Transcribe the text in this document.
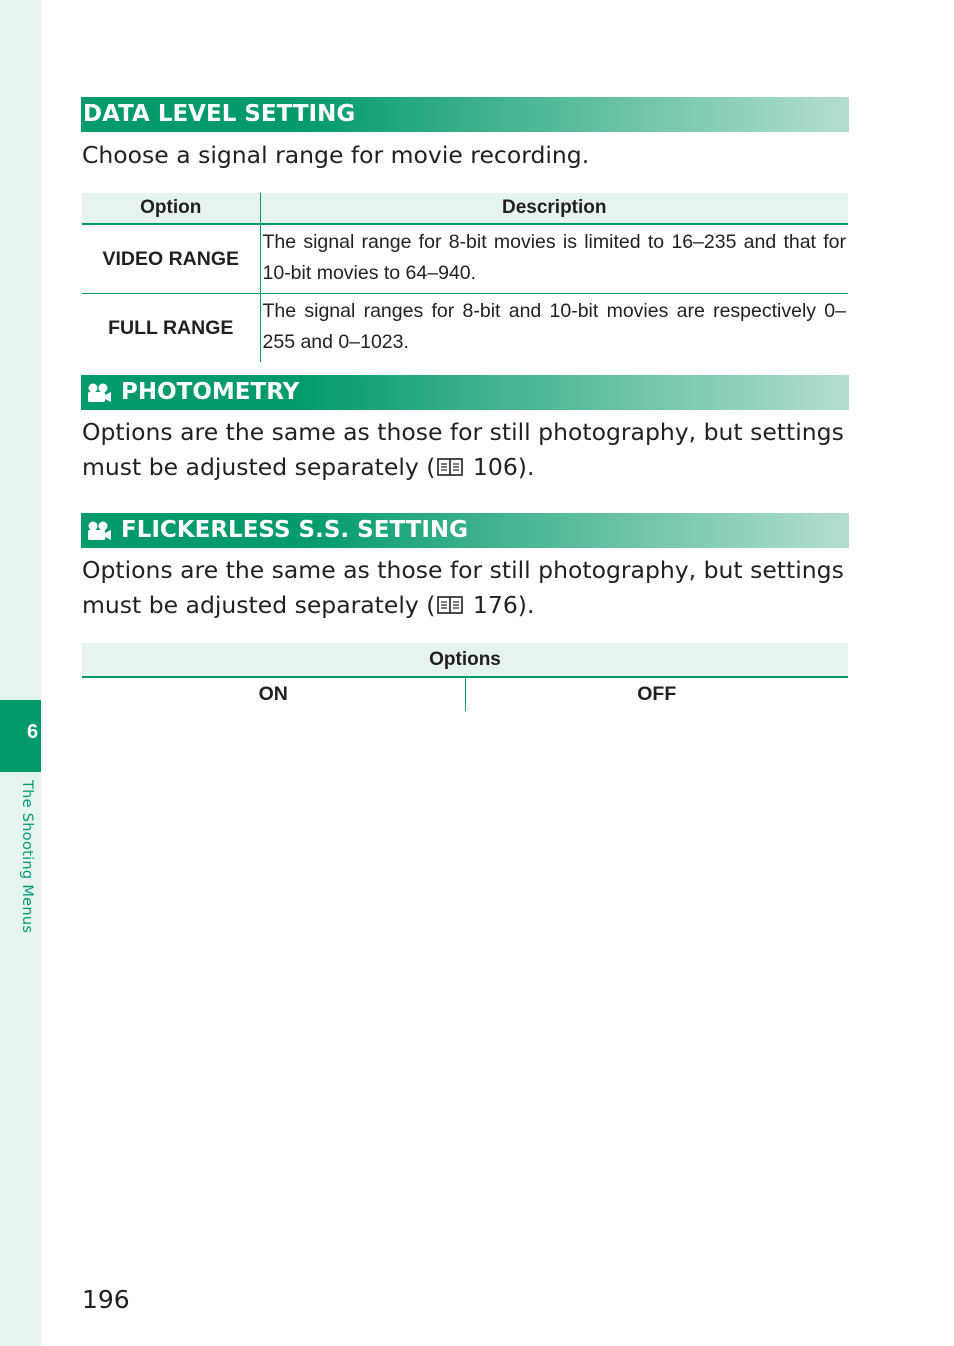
6
The Shooting Menus
DATA LEVEL SETTING
Choose a signal range for movie recording.
Option	Description
VIDEO RANGE	The signal range for 8-bit movies is limited to 16–235 and that for 10-bit movies to 64–940.
FULL RANGE	The signal ranges for 8-bit and 10-bit movies are respectively 0–255 and 0–1023.
PHOTOMETRY
Options are the same as those for still photography, but settings must be adjusted separately ( 106).
FLICKERLESS S.S. SETTING
Options are the same as those for still photography, but settings must be adjusted separately ( 176).
Options
ON	OFF
196
